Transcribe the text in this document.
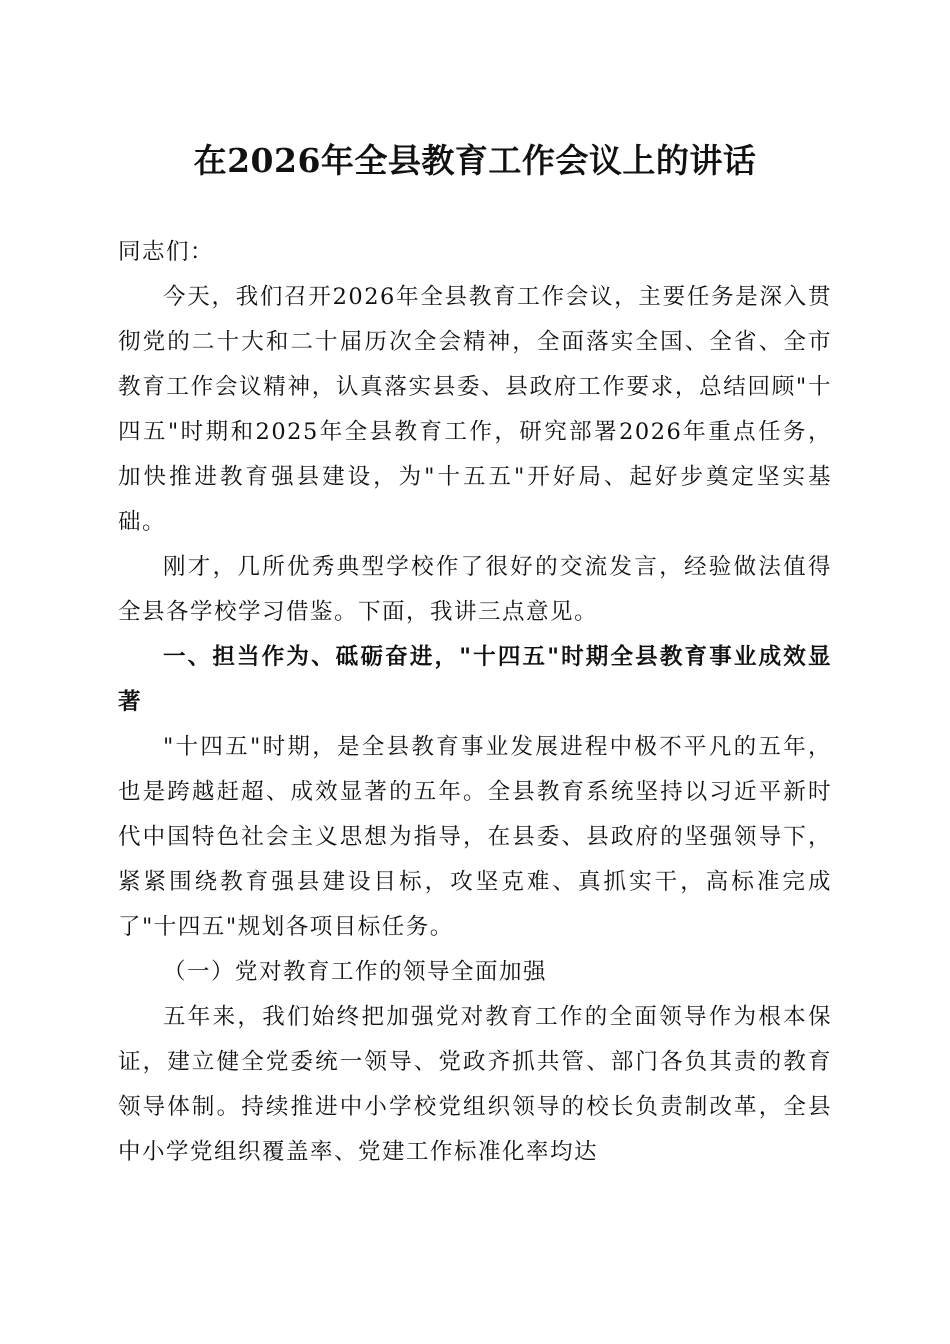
在2026年全县教育工作会议上的讲话

同志们：

今天，我们召开2026年全县教育工作会议，主要任务是深入贯彻党的二十大和二十届历次全会精神，全面落实全国、全省、全市教育工作会议精神，认真落实县委、县政府工作要求，总结回顾"十四五"时期和2025年全县教育工作，研究部署2026年重点任务，加快推进教育强县建设，为"十五五"开好局、起好步奠定坚实基础。

刚才，几所优秀典型学校作了很好的交流发言，经验做法值得全县各学校学习借鉴。下面，我讲三点意见。

一、担当作为、砥砺奋进，"十四五"时期全县教育事业成效显著

"十四五"时期，是全县教育事业发展进程中极不平凡的五年，也是跨越赶超、成效显著的五年。全县教育系统坚持以习近平新时代中国特色社会主义思想为指导，在县委、县政府的坚强领导下，紧紧围绕教育强县建设目标，攻坚克难、真抓实干，高标准完成了"十四五"规划各项目标任务。

（一）党对教育工作的领导全面加强

五年来，我们始终把加强党对教育工作的全面领导作为根本保证，建立健全党委统一领导、党政齐抓共管、部门各负其责的教育领导体制。持续推进中小学校党组织领导的校长负责制改革，全县中小学党组织覆盖率、党建工作标准化率均达
